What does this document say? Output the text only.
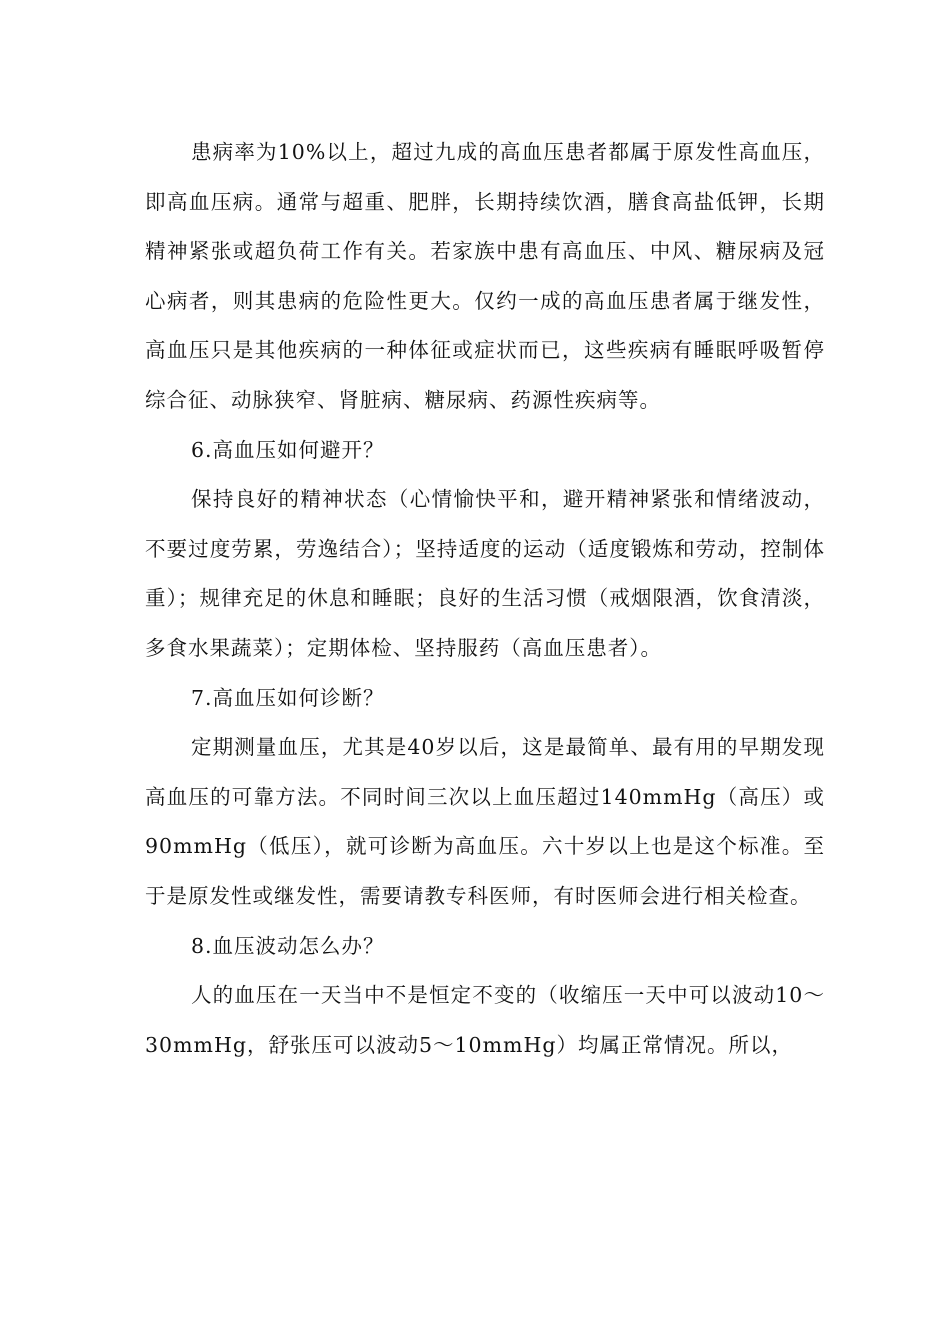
患病率为10%以上，超过九成的高血压患者都属于原发性高血压，即高血压病。通常与超重、肥胖，长期持续饮酒，膳食高盐低钾，长期精神紧张或超负荷工作有关。若家族中患有高血压、中风、糖尿病及冠心病者，则其患病的危险性更大。仅约一成的高血压患者属于继发性，高血压只是其他疾病的一种体征或症状而已，这些疾病有睡眠呼吸暂停综合征、动脉狭窄、肾脏病、糖尿病、药源性疾病等。

6.高血压如何避开？

保持良好的精神状态（心情愉快平和，避开精神紧张和情绪波动，不要过度劳累，劳逸结合）；坚持适度的运动（适度锻炼和劳动，控制体重）；规律充足的休息和睡眠；良好的生活习惯（戒烟限酒，饮食清淡，多食水果蔬菜）；定期体检、坚持服药（高血压患者）。

7.高血压如何诊断？

定期测量血压，尤其是40岁以后，这是最简单、最有用的早期发现高血压的可靠方法。不同时间三次以上血压超过140mmHg（高压）或90mmHg（低压），就可诊断为高血压。六十岁以上也是这个标准。至于是原发性或继发性，需要请教专科医师，有时医师会进行相关检查。

8.血压波动怎么办？

人的血压在一天当中不是恒定不变的（收缩压一天中可以波动10～30mmHg，舒张压可以波动5～10mmHg）均属正常情况。所以，
